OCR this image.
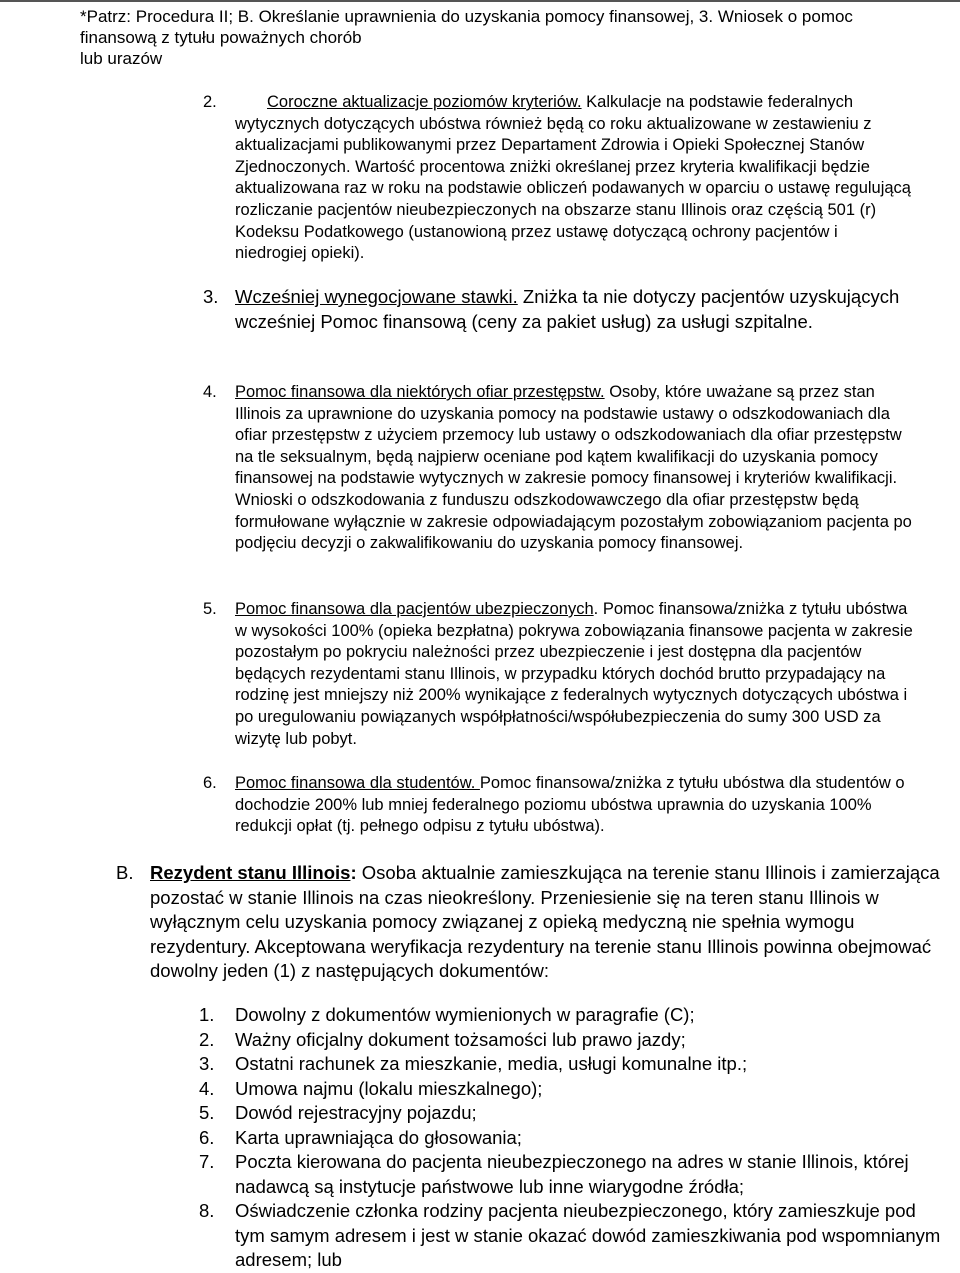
*Patrz: Procedura II; B. Określanie uprawnienia do uzyskania pomocy finansowej, 3. Wniosek o pomoc
finansową z tytułu poważnych chorób
lub urazów
2.	Coroczne aktualizacje poziomów kryteriów. Kalkulacje na podstawie federalnych wytycznych dotyczących ubóstwa również będą co roku aktualizowane w zestawieniu z aktualizacjami publikowanymi przez Departament Zdrowia i Opieki Społecznej Stanów Zjednoczonych. Wartość procentowa zniżki określanej przez kryteria kwalifikacji będzie aktualizowana raz w roku na podstawie obliczeń podawanych w oparciu o ustawę regulującą rozliczanie pacjentów nieubezpieczonych na obszarze stanu Illinois oraz częścią 501 (r) Kodeksu Podatkowego (ustanowioną przez ustawę dotyczącą ochrony pacjentów i niedrogiej opieki).
3. Wcześniej wynegocjowane stawki. Zniżka ta nie dotyczy pacjentów uzyskujących wcześniej Pomoc finansową (ceny za pakiet usług) za usługi szpitalne.
4. Pomoc finansowa dla niektórych ofiar przestępstw. Osoby, które uważane są przez stan Illinois za uprawnione do uzyskania pomocy na podstawie ustawy o odszkodowaniach dla ofiar przestępstw z użyciem przemocy lub ustawy o odszkodowaniach dla ofiar przestępstw na tle seksualnym, będą najpierw oceniane pod kątem kwalifikacji do uzyskania pomocy finansowej na podstawie wytycznych w zakresie pomocy finansowej i kryteriów kwalifikacji. Wnioski o odszkodowania z funduszu odszkodowawczego dla ofiar przestępstw będą formułowane wyłącznie w zakresie odpowiadającym pozostałym zobowiązaniom pacjenta po podjęciu decyzji o zakwalifikowaniu do uzyskania pomocy finansowej.
5. Pomoc finansowa dla pacjentów ubezpieczonych. Pomoc finansowa/zniżka z tytułu ubóstwa w wysokości 100% (opieka bezpłatna) pokrywa zobowiązania finansowe pacjenta w zakresie pozostałym po pokryciu należności przez ubezpieczenie i jest dostępna dla pacjentów będących rezydentami stanu Illinois, w przypadku których dochód brutto przypadający na rodzinę jest mniejszy niż 200% wynikające z federalnych wytycznych dotyczących ubóstwa i po uregulowaniu powiązanych współpłatności/współubezpieczenia do sumy 300 USD za wizytę lub pobyt.
6. Pomoc finansowa dla studentów. Pomoc finansowa/zniżka z tytułu ubóstwa dla studentów o dochodzie 200% lub mniej federalnego poziomu ubóstwa uprawnia do uzyskania 100% redukcji opłat (tj. pełnego odpisu z tytułu ubóstwa).
B. Rezydent stanu Illinois: Osoba aktualnie zamieszkująca na terenie stanu Illinois i zamierzająca pozostać w stanie Illinois na czas nieokreślony. Przeniesienie się na teren stanu Illinois w wyłącznym celu uzyskania pomocy związanej z opieką medyczną nie spełnia wymogu rezydentury. Akceptowana weryfikacja rezydentury na terenie stanu Illinois powinna obejmować dowolny jeden (1) z następujących dokumentów:
1. Dowolny z dokumentów wymienionych w paragrafie (C);
2. Ważny oficjalny dokument tożsamości lub prawo jazdy;
3. Ostatni rachunek za mieszkanie, media, usługi komunalne itp.;
4. Umowa najmu (lokalu mieszkalnego);
5. Dowód rejestracyjny pojazdu;
6. Karta uprawniająca do głosowania;
7. Poczta kierowana do pacjenta nieubezpieczonego na adres w stanie Illinois, której nadawcą są instytucje państwowe lub inne wiarygodne źródła;
8. Oświadczenie członka rodziny pacjenta nieubezpieczonego, który zamieszkuje pod tym samym adresem i jest w stanie okazać dowód zamieszkiwania pod wspomnianym adresem; lub
